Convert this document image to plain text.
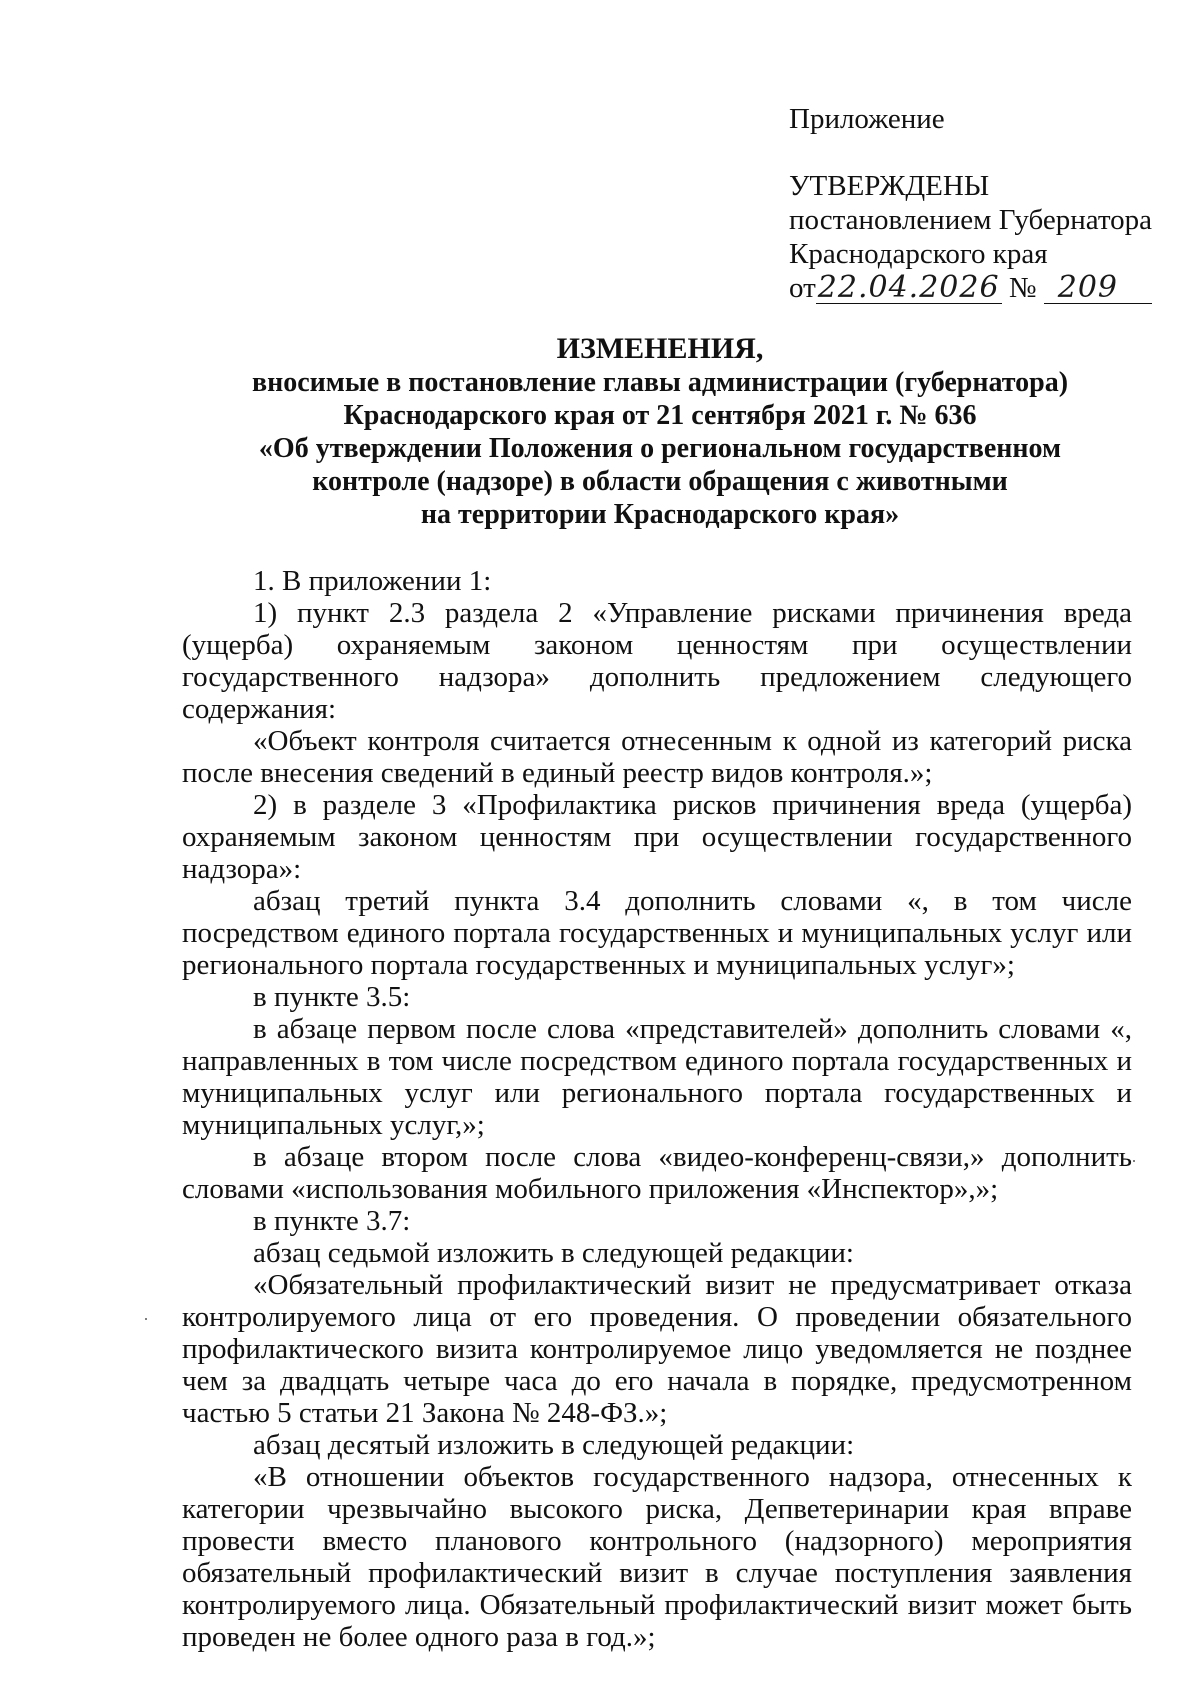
Приложение
УТВЕРЖДЕНЫ
постановлением Губернатора
Краснодарского края
от22.04.2026 № 209
ИЗМЕНЕНИЯ,
вносимые в постановление главы администрации (губернатора)
Краснодарского края от 21 сентября 2021 г. № 636
«Об утверждении Положения о региональном государственном
контроле (надзоре) в области обращения с животными
на территории Краснодарского края»

1. В приложении 1:

1) пункт 2.3 раздела 2 «Управление рисками причинения вреда (ущерба) охраняемым законом ценностям при осуществлении государственного надзора» дополнить предложением следующего содержания:

«Объект контроля считается отнесенным к одной из категорий риска после внесения сведений в единый реестр видов контроля.»;

2) в разделе 3 «Профилактика рисков причинения вреда (ущерба) охраняемым законом ценностям при осуществлении государственного надзора»:

абзац третий пункта 3.4 дополнить словами «, в том числе посредством единого портала государственных и муниципальных услуг или регионального портала государственных и муниципальных услуг»;

в пункте 3.5:

в абзаце первом после слова «представителей» дополнить словами «, направленных в том числе посредством единого портала государственных и муниципальных услуг или регионального портала государственных и муниципальных услуг,»;

в абзаце втором после слова «видео-конференц-связи,» дополнить словами «использования мобильного приложения «Инспектор»,»;

в пункте 3.7:

абзац седьмой изложить в следующей редакции:

«Обязательный профилактический визит не предусматривает отказа контролируемого лица от его проведения. О проведении обязательного профилактического визита контролируемое лицо уведомляется не позднее чем за двадцать четыре часа до его начала в порядке, предусмотренном частью 5 статьи 21 Закона № 248-ФЗ.»;

абзац десятый изложить в следующей редакции:

«В отношении объектов государственного надзора, отнесенных к категории чрезвычайно высокого риска, Депветеринарии края вправе провести вместо планового контрольного (надзорного) мероприятия обязательный профилактический визит в случае поступления заявления контролируемого лица. Обязательный профилактический визит может быть проведен не более одного раза в год.»;
